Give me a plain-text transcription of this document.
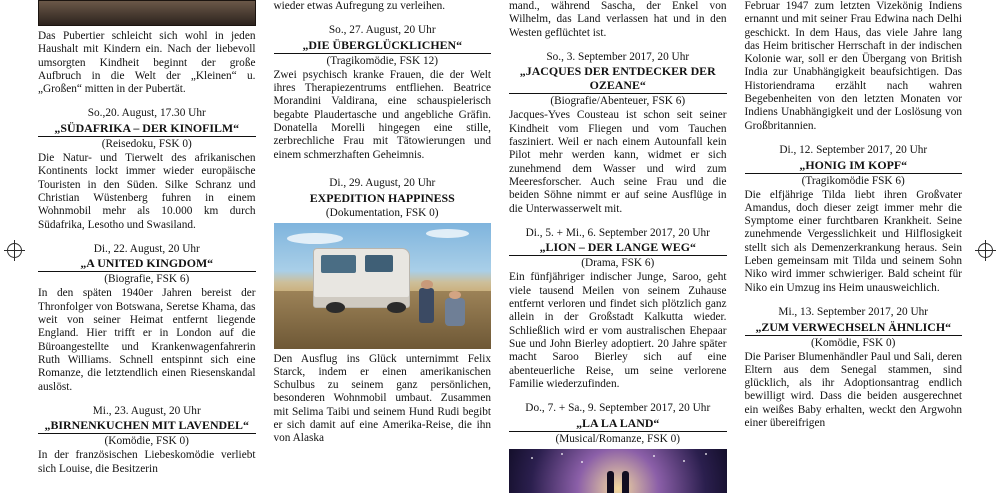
Das Pubertier schleicht sich wohl in jeden Haushalt mit Kindern ein. Nach der liebevoll umsorgten Kindheit beginnt der große Aufbruch in die Welt der „Kleinen“ u. „Großen“ mitten in der Pubertät.

So.,20. August, 17.30 Uhr

„SÜDAFRIKA – DER KINOFILM“

(Reisedoku, FSK 0)

Die Natur- und Tierwelt des afrikanischen Kontinents lockt immer wieder europäische Touristen in den Süden. Silke Schranz und Christian Wüstenberg fuhren in einem Wohnmobil mehr als 10.000 km durch Südafrika, Lesotho und Swasiland.

Di., 22. August, 20 Uhr

„A UNITED KINGDOM“

(Biografie, FSK 6)

In den späten 1940er Jahren bereist der Thronfolger von Botswana, Seretse Khama, das weit von seiner Heimat entfernt liegende England. Hier trifft er in London auf die Büroangestellte und Krankenwagenfahrerin Ruth Williams. Schnell entspinnt sich eine Romanze, die letztendlich einen Riesenskandal auslöst.

Mi., 23. August, 20 Uhr

„BIRNENKUCHEN MIT LAVENDEL“

(Komödie, FSK 0)

In der französischen Liebeskomödie verliebt sich Louise, die Besitzerin

wieder etwas Aufregung zu verleihen.

So., 27. August, 20 Uhr

„DIE ÜBERGLÜCKLICHEN“

(Tragikomödie, FSK 12)

Zwei psychisch kranke Frauen, die der Welt ihres Therapiezentrums entfliehen. Beatrice Morandini Valdirana, eine schauspielerisch begabte Plaudertasche und angebliche Gräfin. Donatella Morelli hingegen eine stille, zerbrechliche Frau mit Tätowierungen und einem schmerzhaften Geheimnis.

Di., 29. August, 20 Uhr

EXPEDITION HAPPINESS

(Dokumentation, FSK 0)

Den Ausflug ins Glück unternimmt Felix Starck, indem er einen amerikanischen Schulbus zu seinem ganz persönlichen, besonderen Wohnmobil umbaut. Zusammen mit Selima Taibi und seinem Hund Rudi begibt er sich damit auf eine Amerika-Reise, die ihn von Alaska

mand., während Sascha, der Enkel von Wilhelm, das Land verlassen hat und in den Westen geflüchtet ist.

So., 3. September 2017, 20 Uhr

„JACQUES DER ENTDECKER DER OZEANE“

(Biografie/Abenteuer, FSK 6)

Jacques-Yves Cousteau ist schon seit seiner Kindheit vom Fliegen und vom Tauchen fasziniert. Weil er nach einem Autounfall kein Pilot mehr werden kann, widmet er sich zunehmend dem Wasser und wird zum Meeresforscher. Auch seine Frau und die beiden Söhne nimmt er auf seine Ausflüge in die Unterwasserwelt mit.

Di., 5. + Mi., 6. September 2017, 20 Uhr

„LION – DER LANGE WEG“

(Drama, FSK 6)

Ein fünfjähriger indischer Junge, Saroo, geht viele tausend Meilen von seinem Zuhause entfernt verloren und findet sich plötzlich ganz allein in der Großstadt Kalkutta wieder. Schließlich wird er vom australischen Ehepaar Sue und John Bierley adoptiert. 20 Jahre später macht Saroo Bierley sich auf eine abenteuerliche Reise, um seine verlorene Familie wiederzufinden.

Do., 7. + Sa., 9. September 2017, 20 Uhr

„LA LA LAND“

(Musical/Romanze, FSK 0)

Februar 1947 zum letzten Vizekönig Indiens ernannt und mit seiner Frau Edwina nach Delhi geschickt. In dem Haus, das viele Jahre lang das Heim britischer Herrschaft in der indischen Kolonie war, soll er den Übergang von British India zur Unabhängigkeit beaufsichtigen. Das Historiendrama erzählt nach wahren Begebenheiten von den letzten Monaten vor Indiens Unabhängigkeit und der Loslösung von Großbritannien.

Di., 12. September 2017, 20 Uhr

„HONIG IM KOPF“

(Tragikomödie FSK 6)

Die elfjährige Tilda liebt ihren Großvater Amandus, doch dieser zeigt immer mehr die Symptome einer furchtbaren Krankheit. Seine zunehmende Vergesslichkeit und Hilflosigkeit stellt sich als Demenzerkrankung heraus. Sein Leben gemeinsam mit Tilda und seinem Sohn Niko wird immer schwieriger. Bald scheint für Niko ein Umzug ins Heim unausweichlich.

Mi., 13. September 2017, 20 Uhr

„ZUM VERWECHSELN ÄHNLICH“

(Komödie, FSK 0)

Die Pariser Blumenhändler Paul und Sali, deren Eltern aus dem Senegal stammen, sind glücklich, als ihr Adoptionsantrag endlich bewilligt wird. Dass die beiden ausgerechnet ein weißes Baby erhalten, weckt den Argwohn einer übereifrigen
